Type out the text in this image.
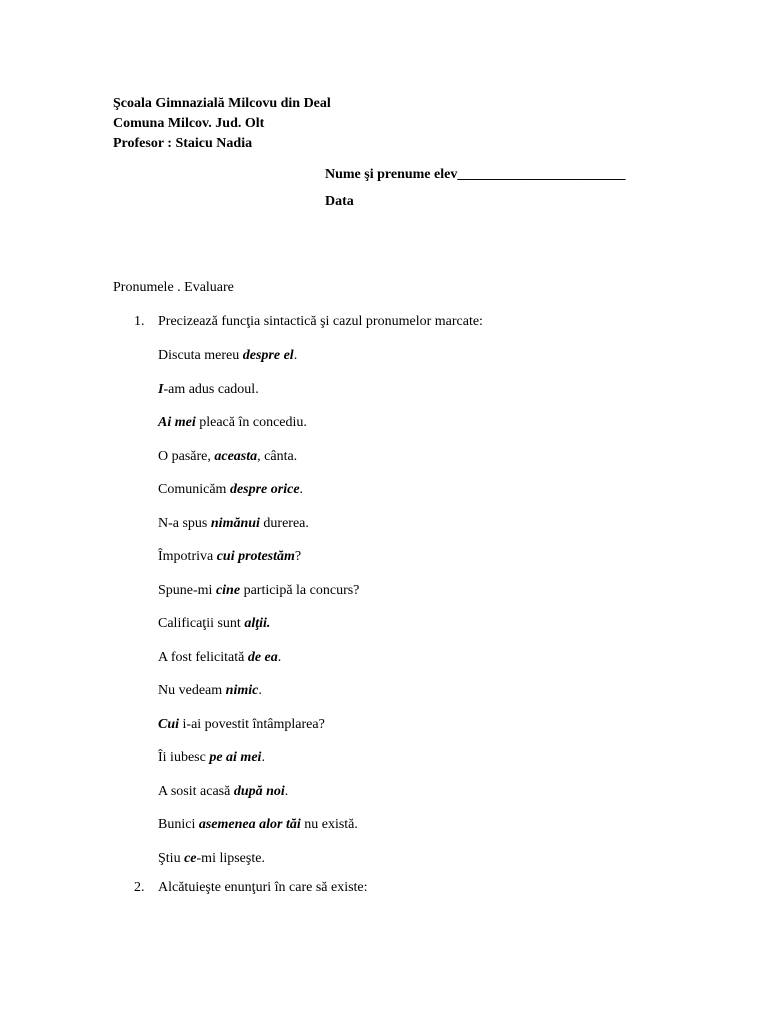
Şcoala Gimnazială Milcovu din Deal
Comuna Milcov. Jud. Olt
Profesor : Staicu Nadia
Nume şi prenume elev________________________
Data
Pronumele . Evaluare
1. Precizează funcţia sintactică şi cazul pronumelor marcate:
Discuta mereu despre el.
I-am adus cadoul.
Ai mei pleacă în concediu.
O pasăre, aceasta, cânta.
Comunicăm despre orice.
N-a spus nimănui durerea.
Împotriva cui protestăm?
Spune-mi cine participă la concurs?
Calificaţii sunt alţii.
A fost felicitată de ea.
Nu vedeam nimic.
Cui i-ai povestit întâmplarea?
Îi iubesc pe ai mei.
A sosit acasă după noi.
Bunici asemenea alor tăi nu există.
Ştiu ce-mi lipseşte.
2. Alcătuieşte enunţuri în care să existe:
